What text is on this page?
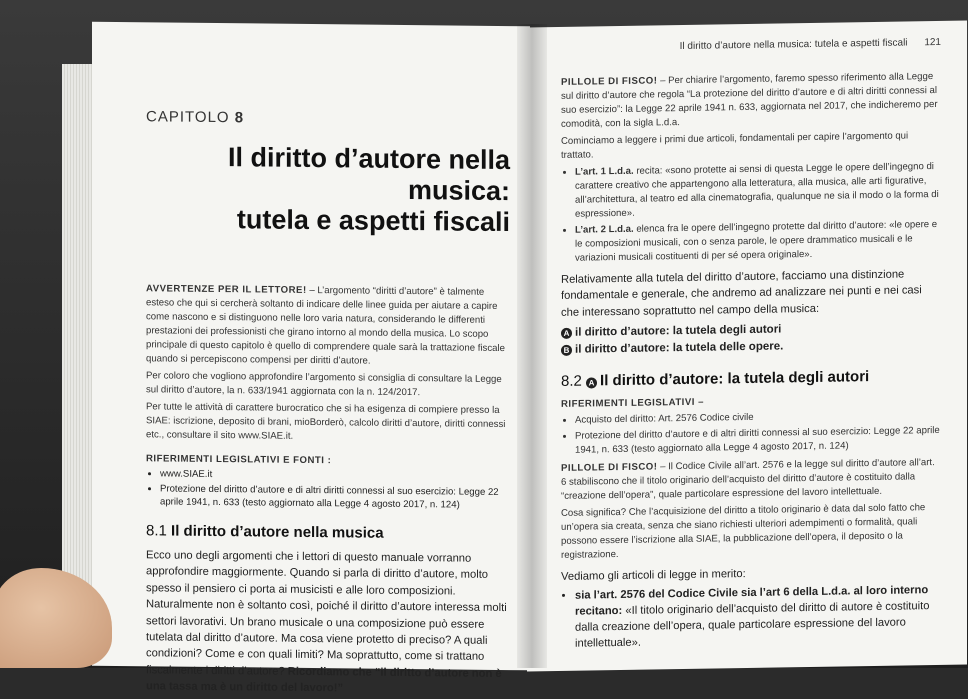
CAPITOLO 8
Il diritto d’autore nella musica:
tutela e aspetti fiscali

AVVERTENZE PER IL LETTORE! – L’argomento “diritti d’autore” è talmente esteso che qui si cercherà soltanto di indicare delle linee guida per aiutare a capire come nascono e si distinguono nelle loro varia natura, considerando le differenti prestazioni dei professionisti che girano intorno al mondo della musica. Lo scopo principale di questo capitolo è quello di comprendere quale sarà la trattazione fiscale quando si percepiscono compensi per diritti d’autore.

Per coloro che vogliono approfondire l’argomento si consiglia di consultare la Legge sul diritto d’autore, la n. 633/1941 aggiornata con la n. 124/2017.

Per tutte le attività di carattere burocratico che si ha esigenza di compiere presso la SIAE: iscrizione, deposito di brani, mioBorderò, calcolo diritti d’autore, diritti connessi etc., consultare il sito www.SIAE.it.

RIFERIMENTI LEGISLATIVI E FONTI :
• www.SIAE.it
• Protezione del diritto d’autore e di altri diritti connessi al suo esercizio: Legge 22 aprile 1941, n. 633 (testo aggiornato alla Legge 4 agosto 2017, n. 124)
8.1 Il diritto d’autore nella musica
Ecco uno degli argomenti che i lettori di questo manuale vorranno approfondire maggiormente. Quando si parla di diritto d’autore, molto spesso il pensiero ci porta ai musicisti e alle loro composizioni. Naturalmente non è soltanto così, poiché il diritto d’autore interessa molti settori lavorativi. Un brano musicale o una composizione può essere tutelata dal diritto d’autore. Ma cosa viene protetto di preciso? A quali condizioni? Come e con quali limiti? Ma soprattutto, come si trattano fiscalmente i diritti d’autore? Ricordiamo che “il diritto d’autore non è una tassa ma è un diritto del lavoro!”
Il diritto d’autore nella musica: tutela e aspetti fiscali 121

PILLOLE DI FISCO! – Per chiarire l’argomento, faremo spesso riferimento alla Legge sul diritto d’autore che regola “La protezione del diritto d’autore e di altri diritti connessi al suo esercizio”: la Legge 22 aprile 1941 n. 633, aggiornata nel 2017, che indicheremo per comodità, con la sigla L.d.a.

Cominciamo a leggere i primi due articoli, fondamentali per capire l’argomento qui trattato.

• L’art. 1 L.d.a. recita: «sono protette ai sensi di questa Legge le opere dell’ingegno di carattere creativo che appartengono alla letteratura, alla musica, alle arti figurative, all’architettura, al teatro ed alla cinematografia, qualunque ne sia il modo o la forma di espressione».
• L’art. 2 L.d.a. elenca fra le opere dell’ingegno protette dal diritto d’autore: «le opere e le composizioni musicali, con o senza parole, le opere drammatico musicali e le variazioni musicali costituenti di per sé opera originale».
Relativamente alla tutela del diritto d’autore, facciamo una distinzione fondamentale e generale, che andremo ad analizzare nei punti e nei casi che interessano soprattutto nel campo della musica:
A il diritto d’autore: la tutela degli autori
B il diritto d’autore: la tutela delle opere.
8.2 A Il diritto d’autore: la tutela degli autori
RIFERIMENTI LEGISLATIVI –
• Acquisto del diritto: Art. 2576 Codice civile
• Protezione del diritto d’autore e di altri diritti connessi al suo esercizio: Legge 22 aprile 1941, n. 633 (testo aggiornato alla Legge 4 agosto 2017, n. 124)

PILLOLE DI FISCO! – Il Codice Civile all’art. 2576 e la legge sul diritto d’autore all’art. 6 stabiliscono che il titolo originario dell’acquisto del diritto d’autore è costituito dalla “creazione dell’opera”, quale particolare espressione del lavoro intellettuale.

Cosa significa? Che l’acquisizione del diritto a titolo originario è data dal solo fatto che un’opera sia creata, senza che siano richiesti ulteriori adempimenti o formalità, quali possono essere l’iscrizione alla SIAE, la pubblicazione dell’opera, il deposito o la registrazione.

Vediamo gli articoli di legge in merito:
• sia l’art. 2576 del Codice Civile sia l’art 6 della L.d.a. al loro interno recitano: «Il titolo originario dell’acquisto del diritto di autore è costituito dalla creazione dell’opera, quale particolare espressione del lavoro intellettuale».
